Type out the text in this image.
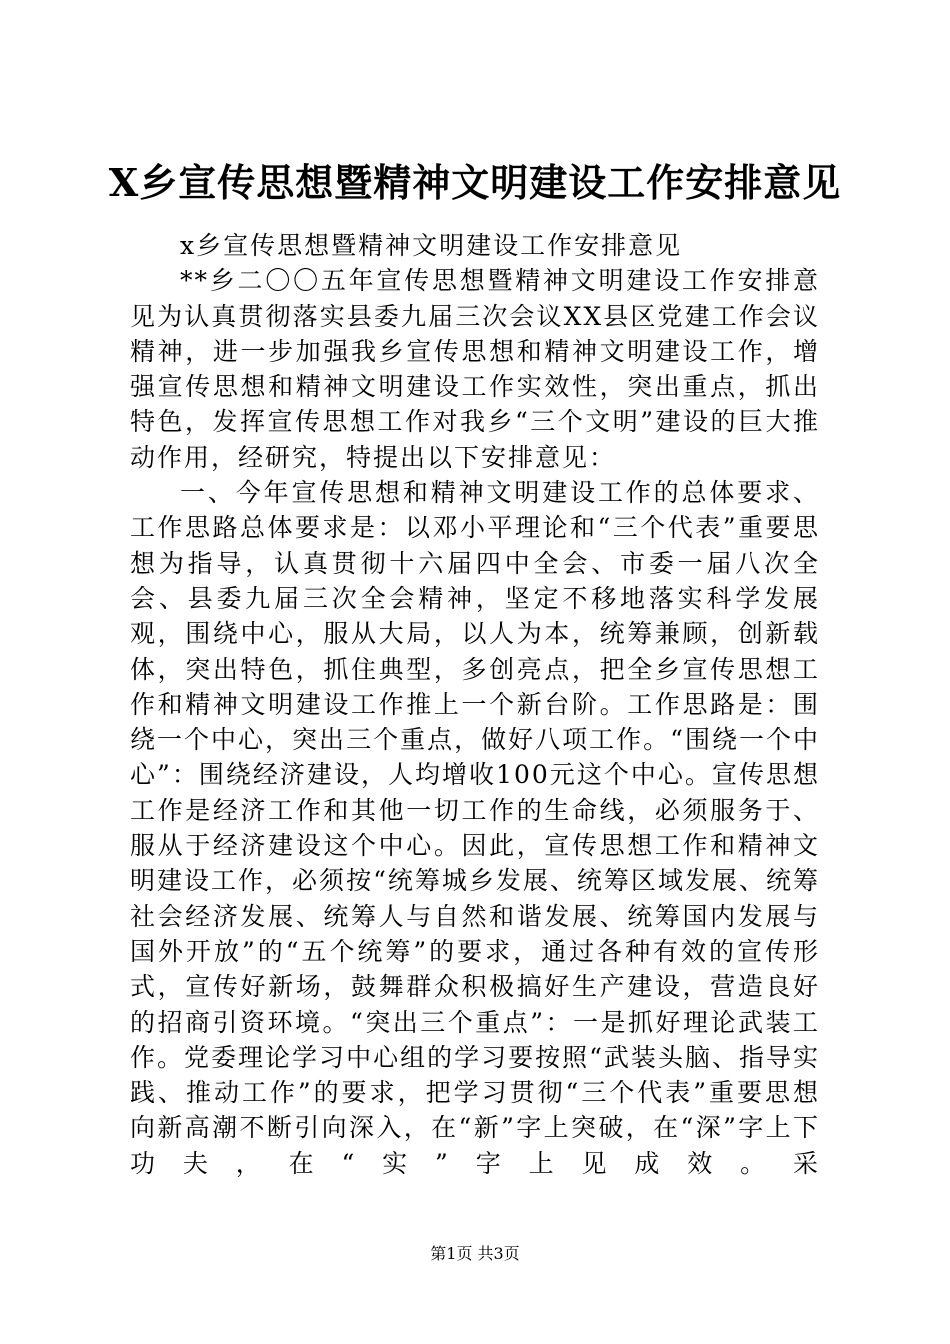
X乡宣传思想暨精神文明建设工作安排意见

x乡宣传思想暨精神文明建设工作安排意见

**乡二〇〇五年宣传思想暨精神文明建设工作安排意见为认真贯彻落实县委九届三次会议XX县区党建工作会议精神，进一步加强我乡宣传思想和精神文明建设工作，增强宣传思想和精神文明建设工作实效性，突出重点，抓出特色，发挥宣传思想工作对我乡“三个文明”建设的巨大推动作用，经研究，特提出以下安排意见：

一、今年宣传思想和精神文明建设工作的总体要求、工作思路总体要求是：以邓小平理论和“三个代表”重要思想为指导，认真贯彻十六届四中全会、市委一届八次全会、县委九届三次全会精神，坚定不移地落实科学发展观，围绕中心，服从大局，以人为本，统筹兼顾，创新载体，突出特色，抓住典型，多创亮点，把全乡宣传思想工作和精神文明建设工作推上一个新台阶。工作思路是：围绕一个中心，突出三个重点，做好八项工作。“围绕一个中心”：围绕经济建设，人均增收100元这个中心。宣传思想工作是经济工作和其他一切工作的生命线，必须服务于、服从于经济建设这个中心。因此，宣传思想工作和精神文明建设工作，必须按“统筹城乡发展、统筹区域发展、统筹社会经济发展、统筹人与自然和谐发展、统筹国内发展与国外开放”的“五个统筹”的要求，通过各种有效的宣传形式，宣传好新场，鼓舞群众积极搞好生产建设，营造良好的招商引资环境。“突出三个重点”：一是抓好理论武装工作。党委理论学习中心组的学习要按照“武装头脑、指导实践、推动工作”的要求，把学习贯彻“三个代表”重要思想向新高潮不断引向深入，在“新”字上突破，在“深”字上下功夫，在“实”字上见成效。采

第1页 共3页
